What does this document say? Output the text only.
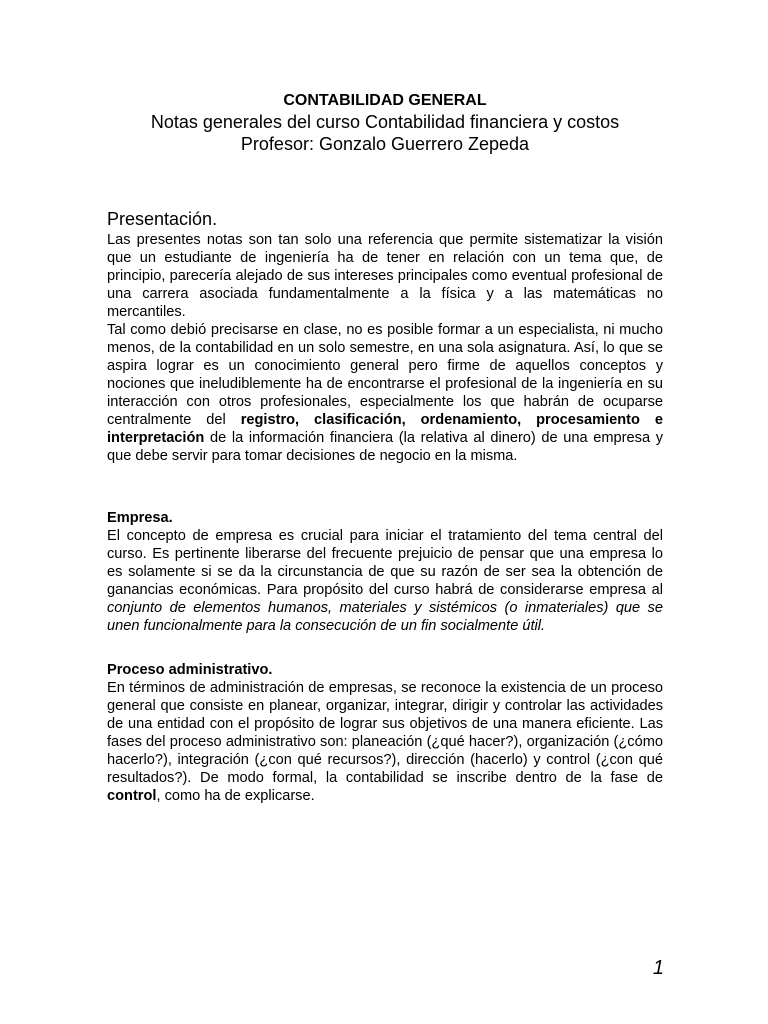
CONTABILIDAD GENERAL

Notas generales del curso Contabilidad financiera y costos

Profesor: Gonzalo Guerrero Zepeda

Presentación.

Las presentes notas son tan solo una referencia que permite sistematizar la visión que un estudiante de ingeniería ha de tener en relación con un tema que, de principio, parecería alejado de sus intereses principales como eventual profesional de una carrera asociada fundamentalmente a la física y a las matemáticas no mercantiles.

Tal como debió precisarse en clase, no es posible formar a un especialista, ni mucho menos, de la contabilidad en un solo semestre, en una sola asignatura. Así, lo que se aspira lograr es un conocimiento general pero firme de aquellos conceptos y nociones que ineludiblemente ha de encontrarse el profesional de la ingeniería en su interacción con otros profesionales, especialmente los que habrán de ocuparse centralmente del registro, clasificación, ordenamiento, procesamiento e interpretación de la información financiera (la relativa al dinero) de una empresa y que debe servir para tomar decisiones de negocio en la misma.

Empresa.

El concepto de empresa es crucial para iniciar el tratamiento del tema central del curso. Es pertinente liberarse del frecuente prejuicio de pensar que una empresa lo es solamente si se da la circunstancia de que su razón de ser sea la obtención de ganancias económicas. Para propósito del curso habrá de considerarse empresa al conjunto de elementos humanos, materiales y sistémicos (o inmateriales) que se unen funcionalmente para la consecución de un fin socialmente útil.

Proceso administrativo.

En términos de administración de empresas, se reconoce la existencia de un proceso general que consiste en planear, organizar, integrar, dirigir y controlar las actividades de una entidad con el propósito de lograr sus objetivos de una manera eficiente. Las fases del proceso administrativo son: planeación (¿qué hacer?), organización (¿cómo hacerlo?), integración (¿con qué recursos?), dirección (hacerlo) y control (¿con qué resultados?). De modo formal, la contabilidad se inscribe dentro de la fase de control, como ha de explicarse.

1
